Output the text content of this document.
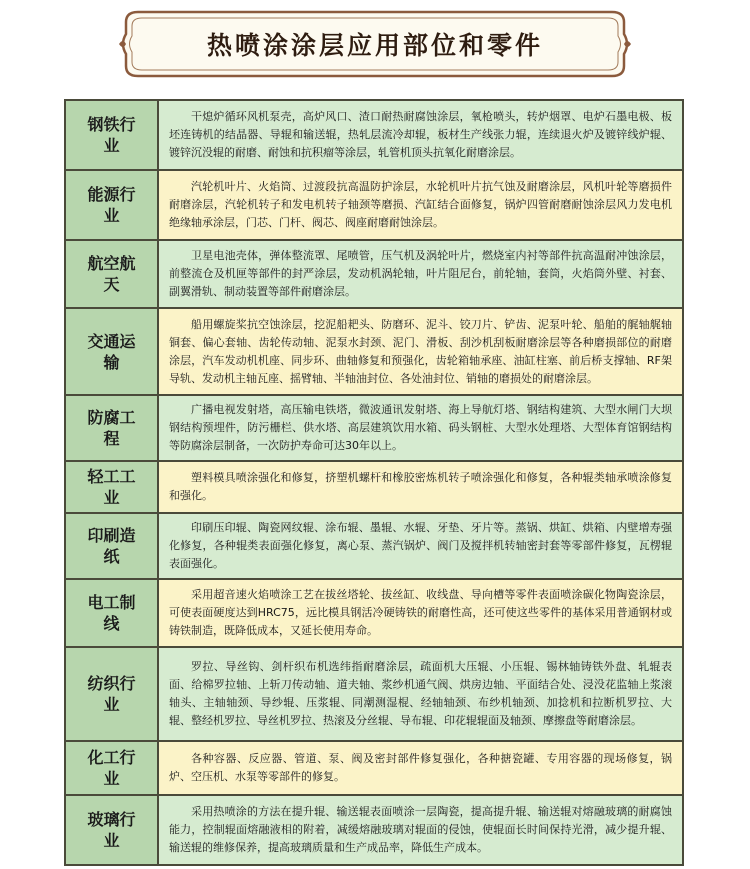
热喷涂涂层应用部位和零件
钢铁行业
干熄炉循环风机泵壳，高炉风口、渣口耐热耐腐蚀涂层，氧枪喷头，转炉烟罩、电炉石墨电极、板坯连铸机的结晶器、导辊和输送辊，热轧层流冷却辊，板材生产线张力辊，连续退火炉及镀锌线炉辊、镀锌沉没辊的耐磨、耐蚀和抗积瘤等涂层，轧管机顶头抗氧化耐磨涂层。
能源行业
汽轮机叶片、火焰筒、过渡段抗高温防护涂层，水轮机叶片抗气蚀及耐磨涂层，风机叶轮等磨损件耐磨涂层，汽轮机转子和发电机转子轴颈等磨损、汽缸结合面修复，锅炉四管耐磨耐蚀涂层风力发电机绝缘轴承涂层，门芯、门杆、阀芯、阀座耐磨耐蚀涂层。
航空航天
卫星电池壳体，弹体整流罩、尾喷管，压气机及涡轮叶片，燃烧室内衬等部件抗高温耐冲蚀涂层，前整流仓及机匣等部件的封严涂层，发动机涡轮轴，叶片阻尼台，前轮轴，套筒，火焰筒外壁、衬套、副翼滑轨、制动装置等部件耐磨涂层。
交通运输
船用螺旋桨抗空蚀涂层，挖泥船耙头、防磨环、泥斗、铰刀片、铲齿、泥泵叶轮、船舶的艉轴艉轴铜套、偏心套轴、齿轮传动轴、泥泵水封颈、泥门、滑板、刮沙机刮板耐磨涂层等各种磨损部位的耐磨涂层，汽车发动机机座、同步环、曲轴修复和预强化，齿轮箱轴承座、油缸柱塞、前后桥支撑轴、RF架导轨、发动机主轴瓦座、摇臂轴、半轴油封位、各处油封位、销轴的磨损处的耐磨涂层。
防腐工程
广播电视发射塔，高压输电铁塔，微波通讯发射塔、海上导航灯塔、钢结构建筑、大型水闸门大坝钢结构预埋件，防污栅栏、供水塔、高层建筑饮用水箱、码头钢桩、大型水处理塔、大型体育馆钢结构等防腐涂层制备，一次防护寿命可达30年以上。
轻工工业
塑料模具喷涂强化和修复，挤塑机螺杆和橡胶密炼机转子喷涂强化和修复，各种辊类轴承喷涂修复和强化。
印刷造纸
印刷压印辊、陶瓷网纹辊、涂布辊、墨辊、水辊、牙垫、牙片等。蒸锅、烘缸、烘箱、内壁增寿强化修复，各种辊类表面强化修复，离心泵、蒸汽锅炉、阀门及搅拌机转轴密封套等零部件修复，瓦楞辊表面强化。
电工制线
采用超音速火焰喷涂工艺在拔丝塔轮、拔丝缸、收线盘、导向槽等零件表面喷涂碳化物陶瓷涂层，可使表面硬度达到HRC75，远比模具钢活冷硬铸铁的耐磨性高，还可使这些零件的基体采用普通钢材或铸铁制造，既降低成本，又延长使用寿命。
纺织行业
罗拉、导丝钩、剑杆织布机选纬指耐磨涂层，疏面机大压辊、小压辊、锡林轴铸铁外盘、轧辊表面、给棉罗拉轴、上斩刀传动轴、道夫轴、浆纱机通气阀、烘房边轴、平面结合处、浸没花监轴上浆滚轴头、主轴轴颈、导纱辊、压浆辊、同潮测湿棍、经轴轴颈、布纱机轴颈、加捻机和拉断机罗拉、大辊、整经机罗拉、导丝机罗拉、热滚及分丝辊、导布辊、印花辊辊面及轴颈、摩擦盘等耐磨涂层。
化工行业
各种容器、反应器、管道、泵、阀及密封部件修复强化，各种搪瓷罐、专用容器的现场修复，锅炉、空压机、水泵等零部件的修复。
玻璃行业
采用热喷涂的方法在提升辊、输送辊表面喷涂一层陶瓷，提高提升辊、输送辊对熔融玻璃的耐腐蚀能力，控制辊面熔融液相的附着，减缓熔融玻璃对辊面的侵蚀，使辊面长时间保持光滑，减少提升辊、输送辊的维修保养，提高玻璃质量和生产成品率，降低生产成本。
